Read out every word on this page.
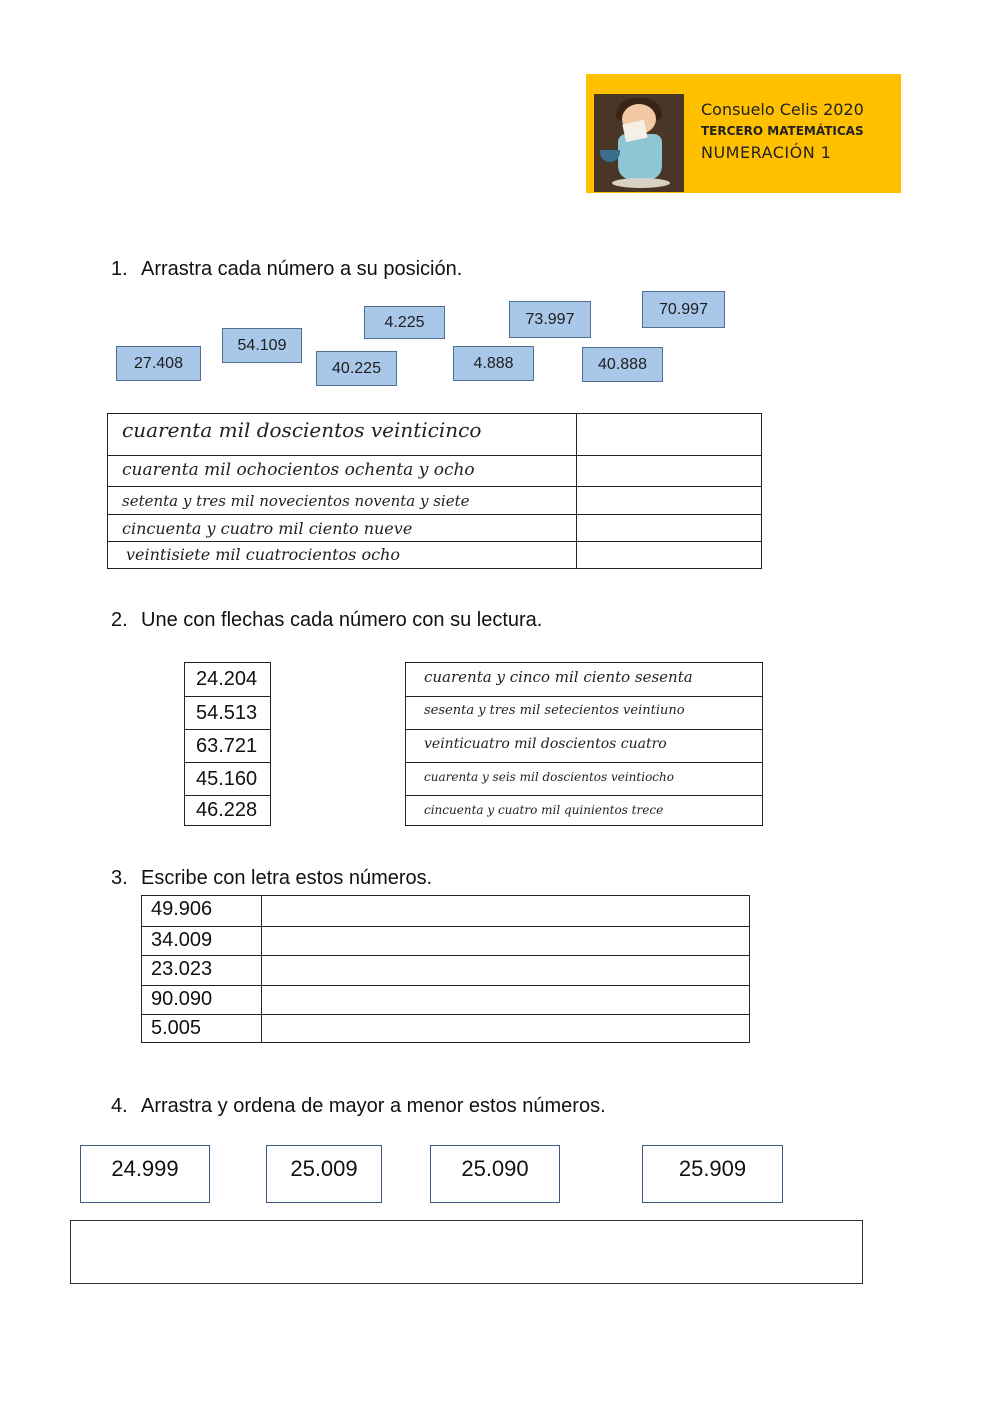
Consuelo Celis 2020
TERCERO MATEMÁTICAS
NUMERACIÓN 1
1. Arrastra cada número a su posición.
27.408
54.109
40.225
4.225
4.888
73.997
40.888
70.997
cuarenta mil doscientos veinticinco
cuarenta mil ochocientos ochenta y ocho
setenta y tres mil novecientos noventa y siete
cincuenta y cuatro mil ciento nueve
veintisiete mil cuatrocientos ocho
2. Une con flechas cada número con su lectura.
24.204
54.513
63.721
45.160
46.228
cuarenta y cinco mil ciento sesenta
sesenta y tres mil setecientos veintiuno
veinticuatro mil doscientos cuatro
cuarenta y seis mil doscientos veintiocho
cincuenta y cuatro mil quinientos trece
3. Escribe con letra estos números.
49.906
34.009
23.023
90.090
5.005
4. Arrastra y ordena de mayor a menor estos números.
24.999	25.009	25.090	25.909
